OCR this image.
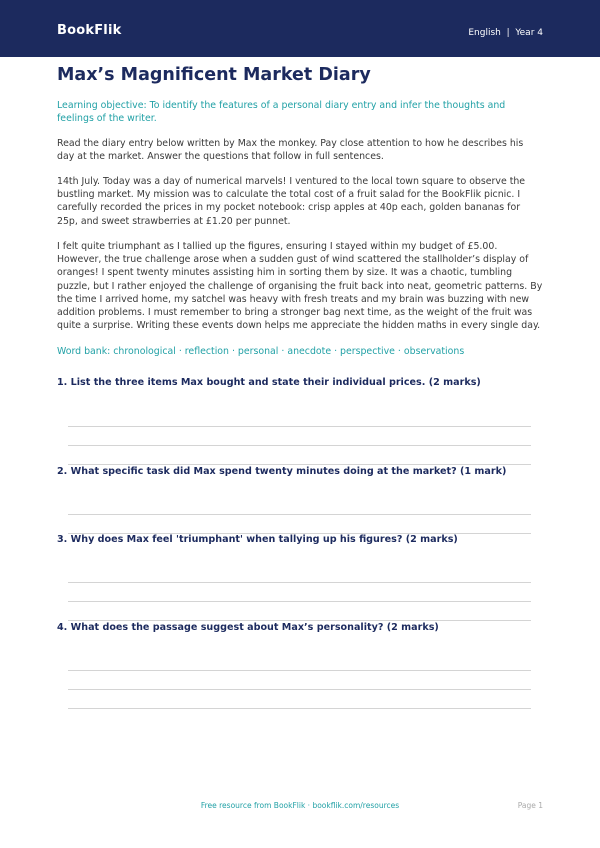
BookFlik	English  |  Year 4
Max’s Magnificent Market Diary

Learning objective: To identify the features of a personal diary entry and infer the thoughts and feelings of the writer.

Read the diary entry below written by Max the monkey. Pay close attention to how he describes his day at the market. Answer the questions that follow in full sentences.

14th July. Today was a day of numerical marvels! I ventured to the local town square to observe the bustling market. My mission was to calculate the total cost of a fruit salad for the BookFlik picnic. I carefully recorded the prices in my pocket notebook: crisp apples at 40p each, golden bananas for 25p, and sweet strawberries at £1.20 per punnet.

I felt quite triumphant as I tallied up the figures, ensuring I stayed within my budget of £5.00. However, the true challenge arose when a sudden gust of wind scattered the stallholder’s display of oranges! I spent twenty minutes assisting him in sorting them by size. It was a chaotic, tumbling puzzle, but I rather enjoyed the challenge of organising the fruit back into neat, geometric patterns. By the time I arrived home, my satchel was heavy with fresh treats and my brain was buzzing with new addition problems. I must remember to bring a stronger bag next time, as the weight of the fruit was quite a surprise. Writing these events down helps me appreciate the hidden maths in every single day.

Word bank: chronological · reflection · personal · anecdote · perspective · observations
1. List the three items Max bought and state their individual prices. (2 marks)
2. What specific task did Max spend twenty minutes doing at the market? (1 mark)
3. Why does Max feel 'triumphant' when tallying up his figures? (2 marks)
4. What does the passage suggest about Max’s personality? (2 marks)
Free resource from BookFlik · bookflik.com/resources	Page 1
